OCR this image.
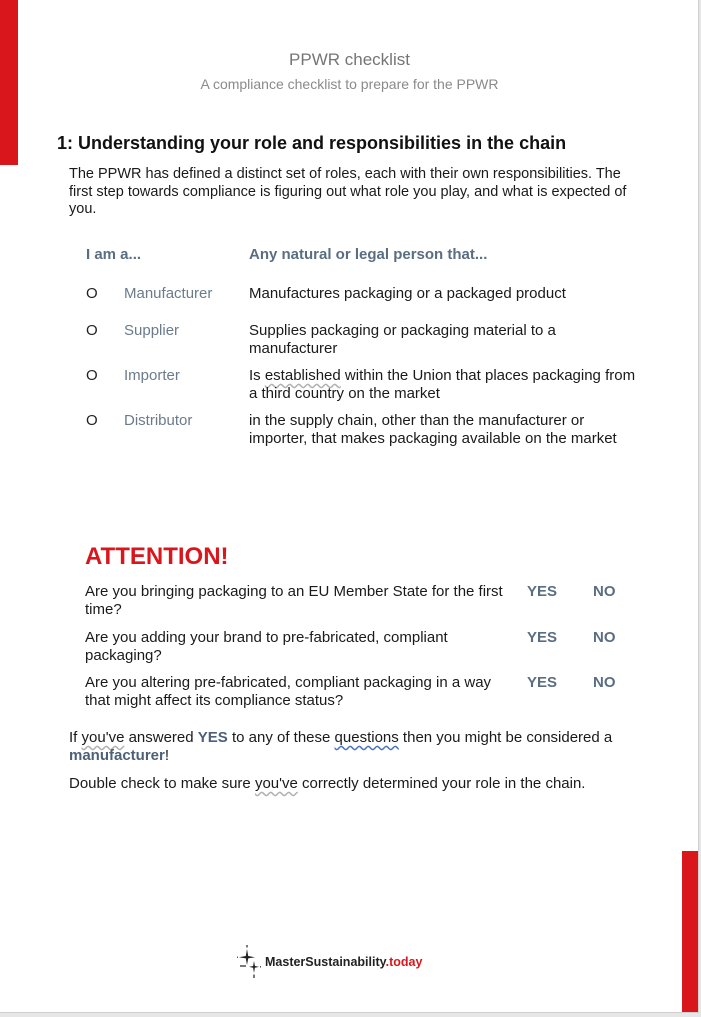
PPWR checklist
A compliance checklist to prepare for the PPWR
1: Understanding your role and responsibilities in the chain
The PPWR has defined a distinct set of roles, each with their own responsibilities. The first step towards compliance is figuring out what role you play, and what is expected of you.
I am a...	Any natural or legal person that...
O Manufacturer Manufactures packaging or a packaged product
O Supplier	Supplies packaging or packaging material to a manufacturer
O Importer	Is established within the Union that places packaging from a third country on the market
O Distributor	in the supply chain, other than the manufacturer or importer, that makes packaging available on the market
ATTENTION!
Are you bringing packaging to an EU Member State for the first time?
YES NO
Are you adding your brand to pre-fabricated, compliant packaging?
YES NO
Are you altering pre-fabricated, compliant packaging in a way that might affect its compliance status?
YES NO
If you've answered YES to any of these questions then you might be considered a manufacturer!
Double check to make sure you've correctly determined your role in the chain.
MasterSustainability.today
